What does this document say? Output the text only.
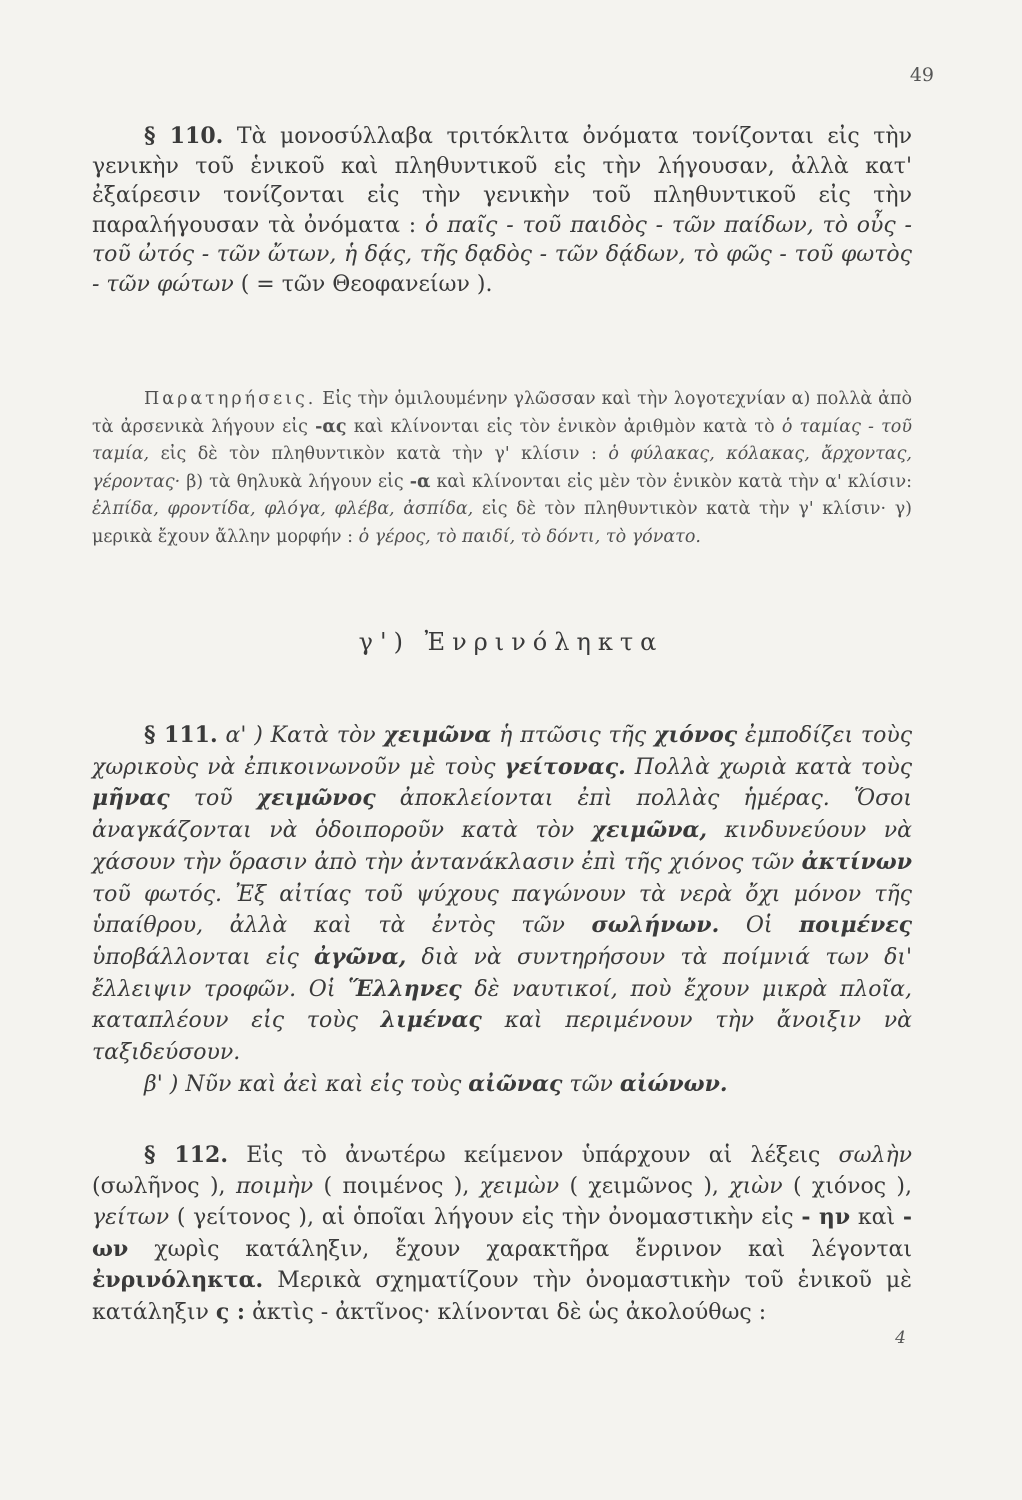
49
§ 110. Τὰ μονοσύλλαβα τριτόκλιτα ὀνόματα τονίζονται εἰς τὴν γενικὴν τοῦ ἑνικοῦ καὶ πληθυντικοῦ εἰς τὴν λήγουσαν, ἀλλὰ κατ' ἐξαίρεσιν τονίζονται εἰς τὴν γενικὴν τοῦ πληθυντικοῦ εἰς τὴν παραλήγουσαν τὰ ὀνόματα : ὁ παῖς - τοῦ παιδὸς - τῶν παίδων, τὸ οὖς - τοῦ ὠτός - τῶν ὤτων, ἡ δᾴς, τῆς δᾳδὸς - τῶν δᾴδων, τὸ φῶς - τοῦ φωτὸς - τῶν φώτων ( = τῶν Θεοφανείων ).
Παρατηρήσεις. Εἰς τὴν ὁμιλουμένην γλῶσσαν καὶ τὴν λογοτεχνίαν α) πολλὰ ἀπὸ τὰ ἀρσενικὰ λήγουν εἰς -ας καὶ κλίνονται εἰς τὸν ἑνικὸν ἀριθμὸν κατὰ τὸ ὁ ταμίας - τοῦ ταμία, εἰς δὲ τὸν πληθυντικὸν κατὰ τὴν γ' κλίσιν : ὁ φύλακας, κόλακας, ἄρχοντας, γέροντας· β) τὰ θηλυκὰ λήγουν εἰς -α καὶ κλίνονται εἰς μὲν τὸν ἑνικὸν κατὰ τὴν α' κλίσιν: ἐλπίδα, φροντίδα, φλόγα, φλέβα, ἀσπίδα, εἰς δὲ τὸν πληθυντικὸν κατὰ τὴν γ' κλίσιν· γ) μερικὰ ἔχουν ἄλλην μορφήν : ὁ γέρος, τὸ παιδί, τὸ δόντι, τὸ γόνατο.
γ') Ἐνρινόληκτα
§ 111. α' ) Κατὰ τὸν χειμῶνα ἡ πτῶσις τῆς χιόνος ἐμποδίζει τοὺς χωρικοὺς νὰ ἐπικοινωνοῦν μὲ τοὺς γείτονας. Πολλὰ χωριὰ κατὰ τοὺς μῆνας τοῦ χειμῶνος ἀποκλείονται ἐπὶ πολλὰς ἡμέρας. Ὅσοι ἀναγκάζονται νὰ ὁδοιποροῦν κατὰ τὸν χειμῶνα, κινδυνεύουν νὰ χάσουν τὴν ὅρασιν ἀπὸ τὴν ἀντανάκλασιν ἐπὶ τῆς χιόνος τῶν ἀκτίνων τοῦ φωτός. Ἐξ αἰτίας τοῦ ψύχους παγώνουν τὰ νερὰ ὄχι μόνον τῆς ὑπαίθρου, ἀλλὰ καὶ τὰ ἐντὸς τῶν σωλήνων. Οἱ ποιμένες ὑποβάλλονται εἰς ἀγῶνα, διὰ νὰ συντηρήσουν τὰ ποίμνιά των δι' ἔλλειψιν τροφῶν. Οἱ Ἕλληνες δὲ ναυτικοί, ποὺ ἔχουν μικρὰ πλοῖα, καταπλέουν εἰς τοὺς λιμένας καὶ περιμένουν τὴν ἄνοιξιν νὰ ταξιδεύσουν.
β' ) Νῦν καὶ ἀεὶ καὶ εἰς τοὺς αἰῶνας τῶν αἰώνων.
§ 112. Εἰς τὸ ἀνωτέρω κείμενον ὑπάρχουν αἱ λέξεις σωλὴν (σωλῆνος ), ποιμὴν ( ποιμένος ), χειμὼν ( χειμῶνος ), χιὼν ( χιόνος ), γείτων ( γείτονος ), αἱ ὁποῖαι λήγουν εἰς τὴν ὀνομαστικὴν εἰς - ην καὶ - ων χωρὶς κατάληξιν, ἔχουν χαρακτῆρα ἔνρινον καὶ λέγονται ἐνρινόληκτα. Μερικὰ σχηματίζουν τὴν ὀνομαστικὴν τοῦ ἑνικοῦ μὲ κατάληξιν ς : ἀκτὶς - ἀκτῖνος· κλίνονται δὲ ὡς ἀκολούθως :
4
